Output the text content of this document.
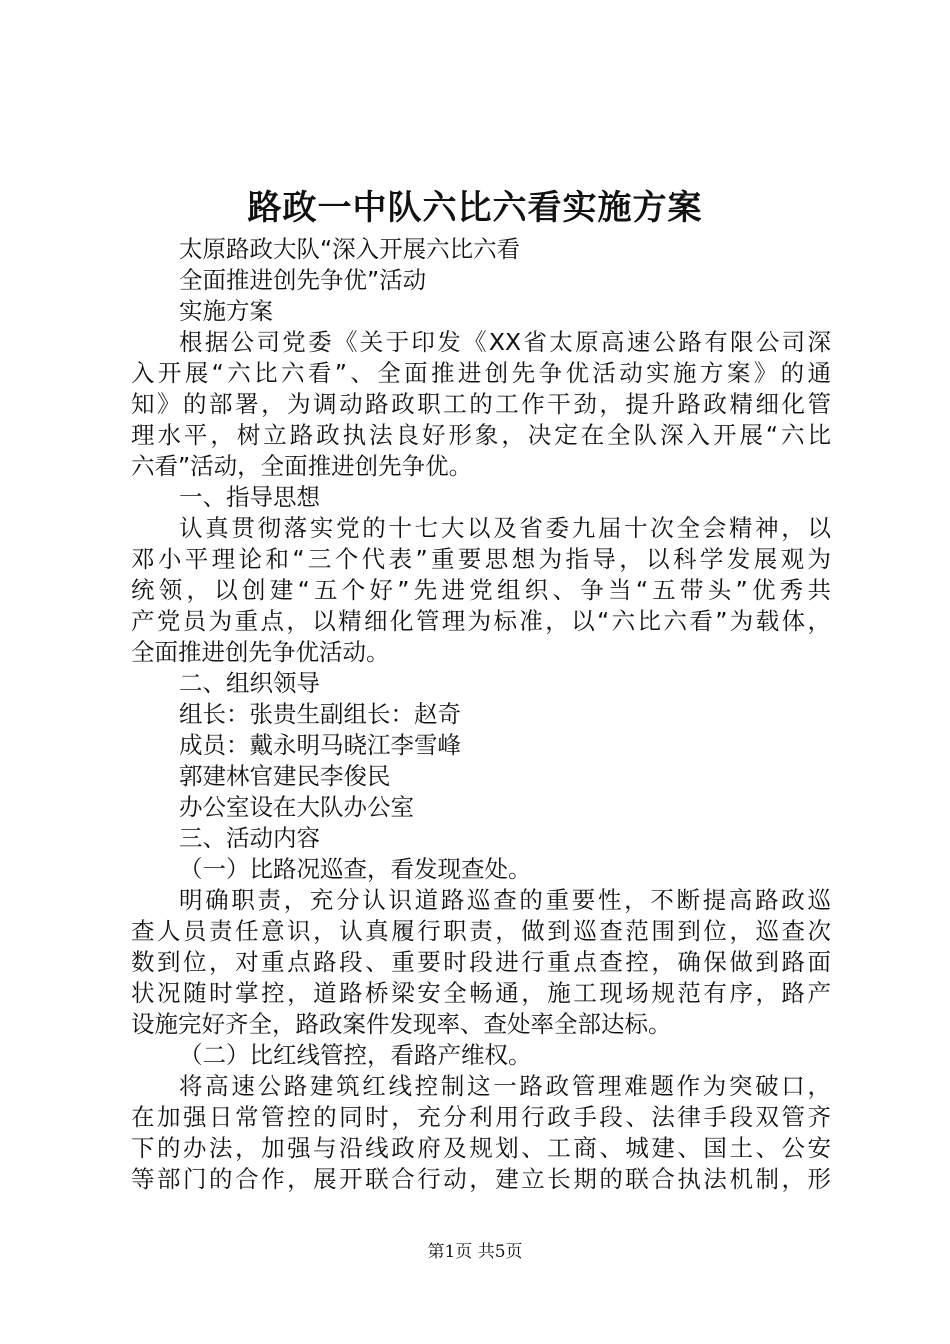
路政一中队六比六看实施方案
太原路政大队“深入开展六比六看
全面推进创先争优”活动
实施方案
根据公司党委《关于印发《XX省太原高速公路有限公司深
入开展“六比六看”、全面推进创先争优活动实施方案》的通
知》的部署，为调动路政职工的工作干劲，提升路政精细化管
理水平，树立路政执法良好形象，决定在全队深入开展“六比
六看”活动，全面推进创先争优。
一、指导思想
认真贯彻落实党的十七大以及省委九届十次全会精神，以
邓小平理论和“三个代表”重要思想为指导，以科学发展观为
统领，以创建“五个好”先进党组织、争当“五带头”优秀共
产党员为重点，以精细化管理为标准，以“六比六看”为载体，
全面推进创先争优活动。
二、组织领导
组长：张贵生副组长：赵奇
成员：戴永明马晓江李雪峰
郭建林官建民李俊民
办公室设在大队办公室
三、活动内容
（一）比路况巡查，看发现查处。
明确职责，充分认识道路巡查的重要性，不断提高路政巡
查人员责任意识，认真履行职责，做到巡查范围到位，巡查次
数到位，对重点路段、重要时段进行重点查控，确保做到路面
状况随时掌控，道路桥梁安全畅通，施工现场规范有序，路产
设施完好齐全，路政案件发现率、查处率全部达标。
（二）比红线管控，看路产维权。
将高速公路建筑红线控制这一路政管理难题作为突破口，
在加强日常管控的同时，充分利用行政手段、法律手段双管齐
下的办法，加强与沿线政府及规划、工商、城建、国土、公安
等部门的合作，展开联合行动，建立长期的联合执法机制，形
第1页 共5页
